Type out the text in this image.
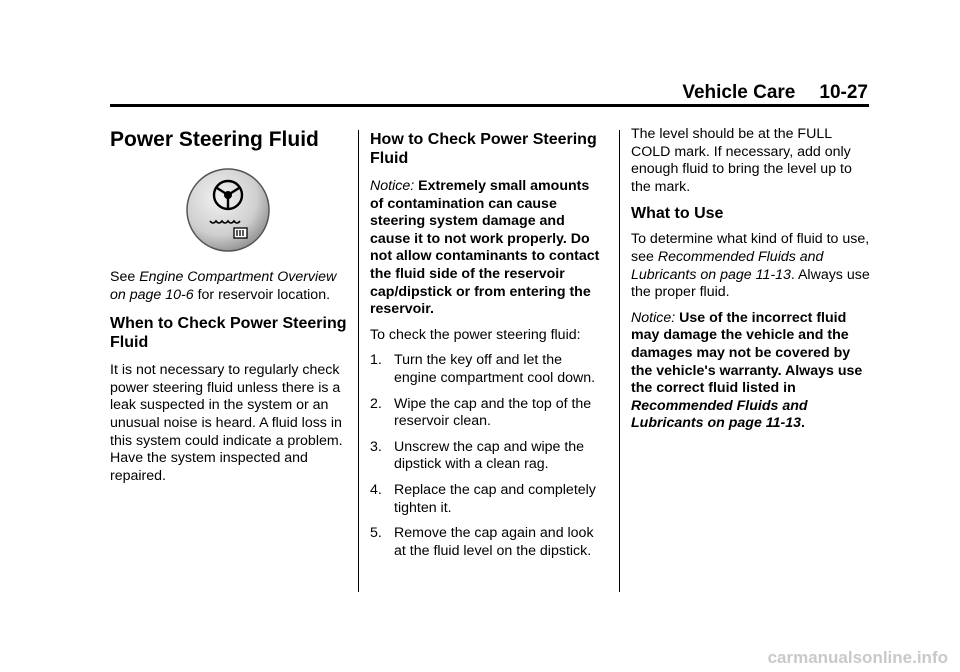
Vehicle Care 10-27
Power Steering Fluid

See Engine Compartment Overview on page 10-6 for reservoir location.

When to Check Power Steering Fluid

It is not necessary to regularly check power steering fluid unless there is a leak suspected in the system or an unusual noise is heard. A fluid loss in this system could indicate a problem. Have the system inspected and repaired.

How to Check Power Steering Fluid

Notice: Extremely small amounts of contamination can cause steering system damage and cause it to not work properly. Do not allow contaminants to contact the fluid side of the reservoir cap/dipstick or from entering the reservoir.

To check the power steering fluid:

1. Turn the key off and let the engine compartment cool down.
2. Wipe the cap and the top of the reservoir clean.
3. Unscrew the cap and wipe the dipstick with a clean rag.
4. Replace the cap and completely tighten it.
5. Remove the cap again and look at the fluid level on the dipstick.

The level should be at the FULL COLD mark. If necessary, add only enough fluid to bring the level up to the mark.

What to Use

To determine what kind of fluid to use, see Recommended Fluids and Lubricants on page 11-13. Always use the proper fluid.

Notice: Use of the incorrect fluid may damage the vehicle and the damages may not be covered by the vehicle's warranty. Always use the correct fluid listed in Recommended Fluids and Lubricants on page 11-13.

carmanualsonline.info
